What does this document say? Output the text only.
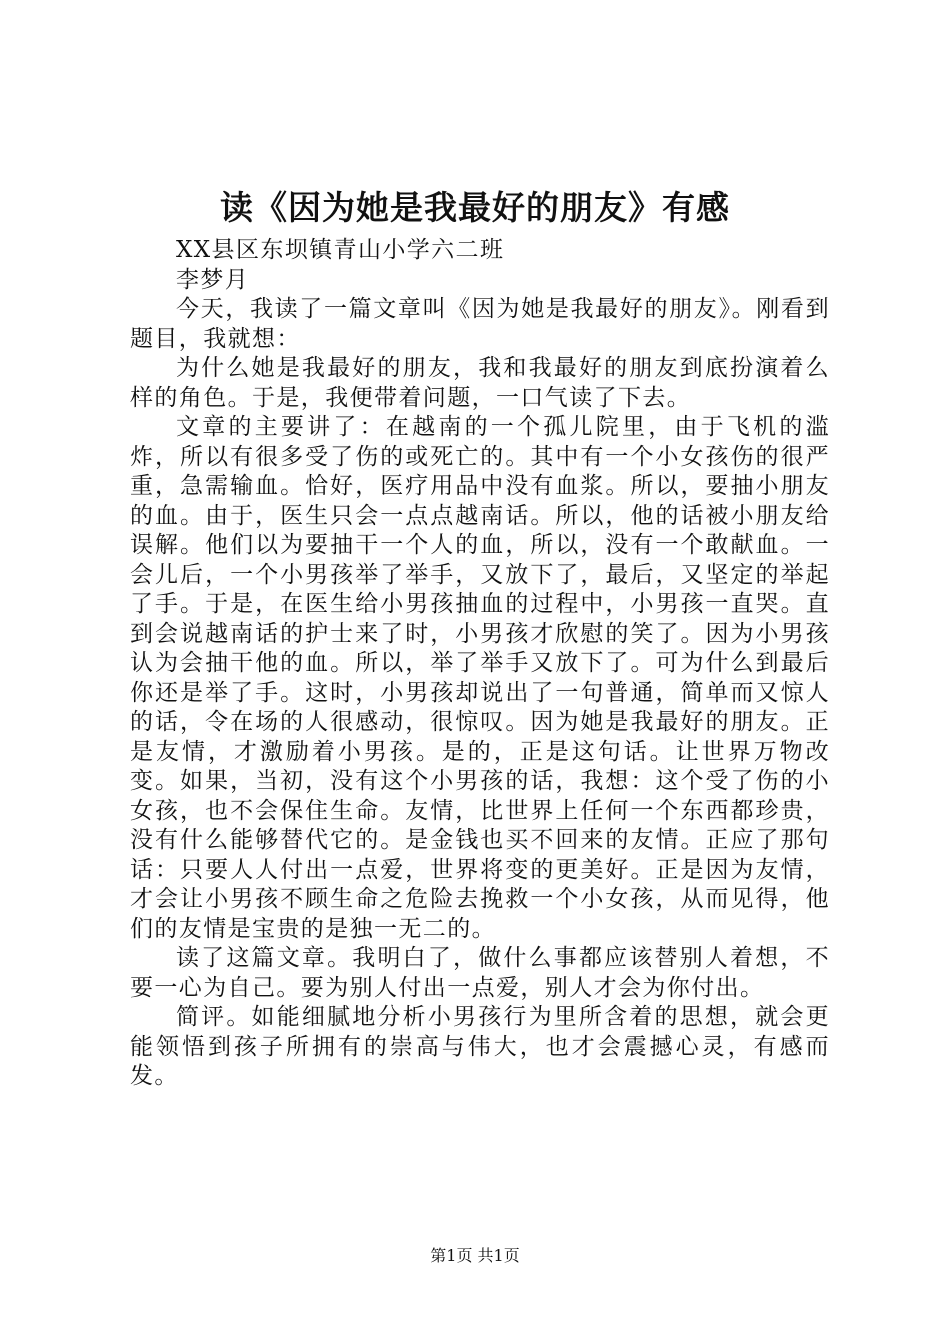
读《因为她是我最好的朋友》有感

XX县区东坝镇青山小学六二班

李梦月

今天，我读了一篇文章叫《因为她是我最好的朋友》。刚看到题目，我就想：

为什么她是我最好的朋友，我和我最好的朋友到底扮演着么样的角色。于是，我便带着问题，一口气读了下去。

文章的主要讲了：在越南的一个孤儿院里，由于飞机的滥炸，所以有很多受了伤的或死亡的。其中有一个小女孩伤的很严重，急需输血。恰好，医疗用品中没有血浆。所以，要抽小朋友的血。由于，医生只会一点点越南话。所以，他的话被小朋友给误解。他们以为要抽干一个人的血，所以，没有一个敢献血。一会儿后，一个小男孩举了举手，又放下了，最后，又坚定的举起了手。于是，在医生给小男孩抽血的过程中，小男孩一直哭。直到会说越南话的护士来了时，小男孩才欣慰的笑了。因为小男孩认为会抽干他的血。所以，举了举手又放下了。可为什么到最后你还是举了手。这时，小男孩却说出了一句普通，简单而又惊人的话，令在场的人很感动，很惊叹。因为她是我最好的朋友。正是友情，才激励着小男孩。是的，正是这句话。让世界万物改变。如果，当初，没有这个小男孩的话，我想：这个受了伤的小女孩，也不会保住生命。友情，比世界上任何一个东西都珍贵，没有什么能够替代它的。是金钱也买不回来的友情。正应了那句话：只要人人付出一点爱，世界将变的更美好。正是因为友情，才会让小男孩不顾生命之危险去挽救一个小女孩，从而见得，他们的友情是宝贵的是独一无二的。

读了这篇文章。我明白了，做什么事都应该替别人着想，不要一心为自己。要为别人付出一点爱，别人才会为你付出。

简评。如能细腻地分析小男孩行为里所含着的思想，就会更能领悟到孩子所拥有的崇高与伟大，也才会震撼心灵，有感而发。

第1页 共1页
